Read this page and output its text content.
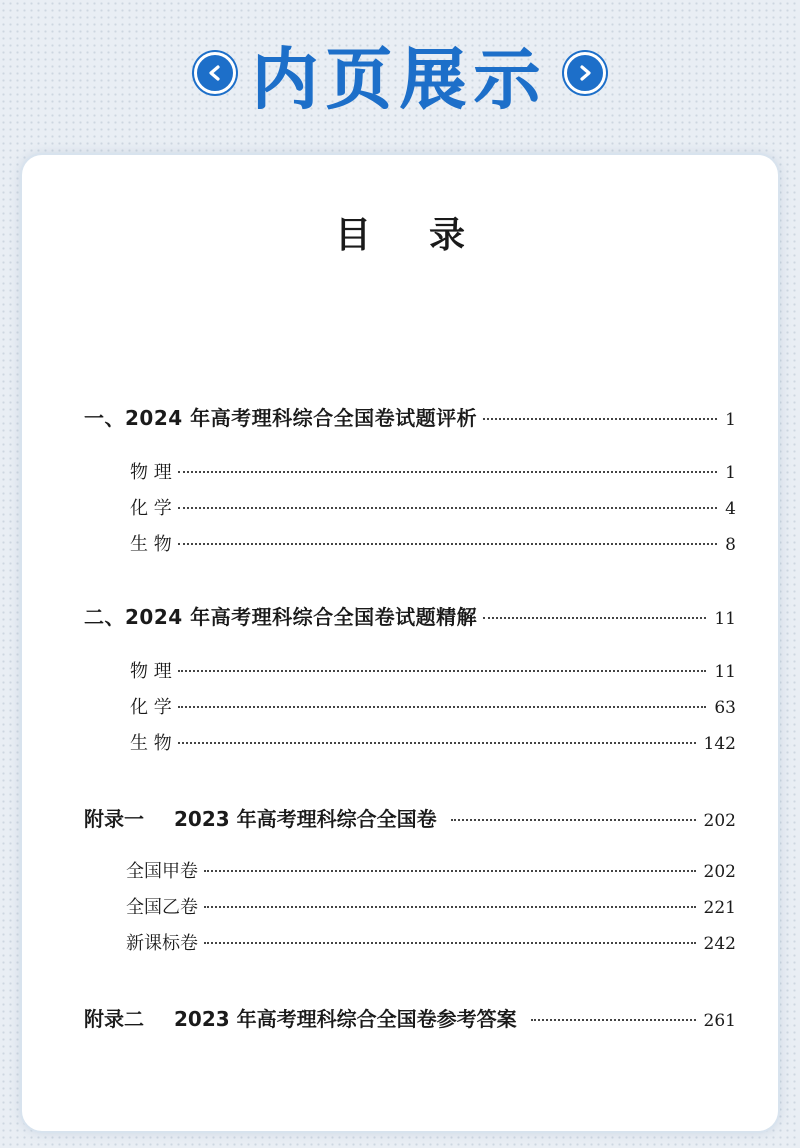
内页展示
目 录
一、2024 年高考理科综合全国卷试题评析	1
物 理	1
化 学	4
生 物	8
二、2024 年高考理科综合全国卷试题精解	11
物 理	11
化 学	63
生 物	142
附录一 2023 年高考理科综合全国卷	202
全国甲卷	202
全国乙卷	221
新课标卷	242
附录二 2023 年高考理科综合全国卷参考答案	261
